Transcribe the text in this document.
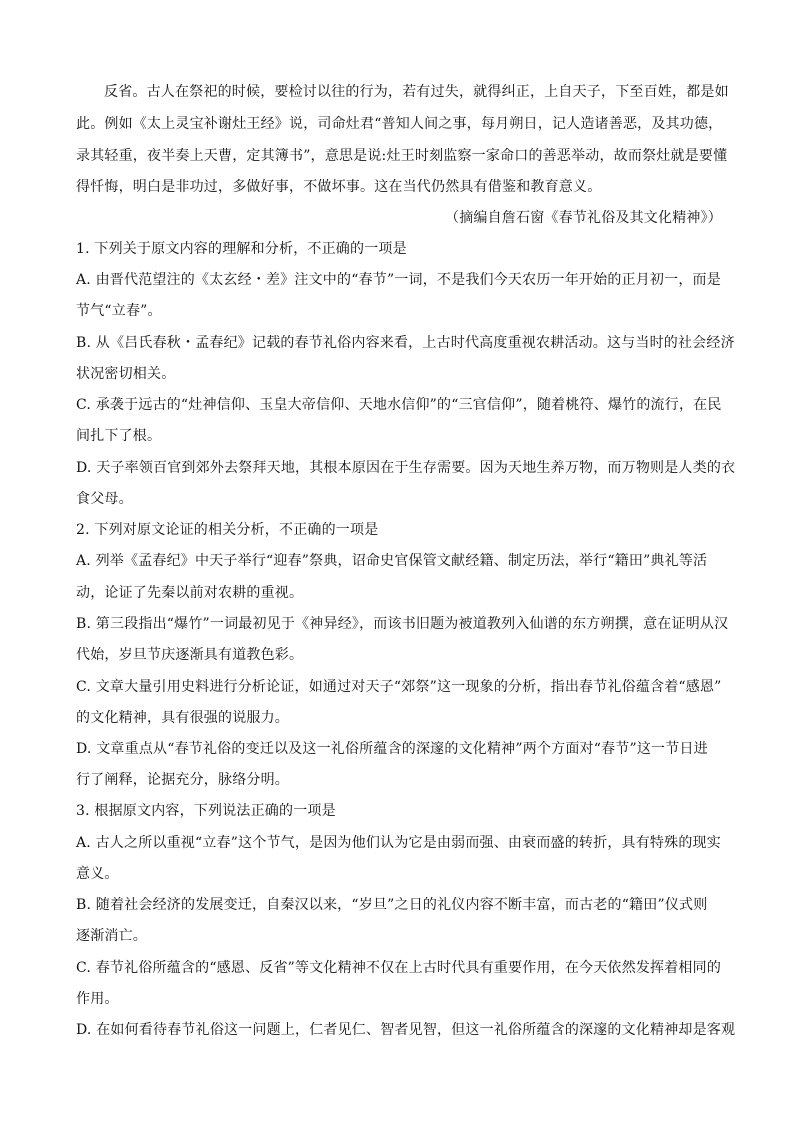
反省。古人在祭祀的时候，要检讨以往的行为，若有过失，就得纠正，上自天子，下至百姓，都是如
此。例如《太上灵宝补谢灶王经》说，司命灶君“普知人间之事，每月朔日，记人造诸善恶，及其功德，
录其轻重，夜半奏上天曹，定其簿书”，意思是说:灶王时刻监察一家命口的善恶举动，故而祭灶就是要懂
得忏悔，明白是非功过，多做好事，不做坏事。这在当代仍然具有借鉴和教育意义。
（摘编自詹石窗《春节礼俗及其文化精神》）
1. 下列关于原文内容的理解和分析，不正确的一项是
A. 由晋代范望注的《太玄经・差》注文中的“春节”一词，不是我们今天农历一年开始的正月初一，而是
节气“立春”。
B. 从《吕氏春秋・孟春纪》记载的春节礼俗内容来看，上古时代高度重视农耕活动。这与当时的社会经济
状况密切相关。
C. 承袭于远古的“灶神信仰、玉皇大帝信仰、天地水信仰”的“三官信仰”，随着桃符、爆竹的流行，在民
间扎下了根。
D. 天子率领百官到郊外去祭拜天地，其根本原因在于生存需要。因为天地生养万物，而万物则是人类的衣
食父母。
2. 下列对原文论证的相关分析，不正确的一项是
A. 列举《孟春纪》中天子举行“迎春”祭典，诏命史官保管文献经籍、制定历法，举行“籍田”典礼等活
动，论证了先秦以前对农耕的重视。
B. 第三段指出“爆竹”一词最初见于《神异经》，而该书旧题为被道教列入仙谱的东方朔撰，意在证明从汉
代始，岁旦节庆逐渐具有道教色彩。
C. 文章大量引用史料进行分析论证，如通过对天子“郊祭”这一现象的分析，指出春节礼俗蕴含着“感恩”
的文化精神，具有很强的说服力。
D. 文章重点从“春节礼俗的变迁以及这一礼俗所蕴含的深邃的文化精神”两个方面对“春节”这一节日进
行了阐释，论据充分，脉络分明。
3. 根据原文内容，下列说法正确的一项是
A. 古人之所以重视“立春”这个节气，是因为他们认为它是由弱而强、由衰而盛的转折，具有特殊的现实
意义。
B. 随着社会经济的发展变迁，自秦汉以来，“岁旦”之日的礼仪内容不断丰富，而古老的“籍田”仪式则
逐渐消亡。
C. 春节礼俗所蕴含的“感恩、反省”等文化精神不仅在上古时代具有重要作用，在今天依然发挥着相同的
作用。
D. 在如何看待春节礼俗这一问题上，仁者见仁、智者见智，但这一礼俗所蕴含的深邃的文化精神却是客观
